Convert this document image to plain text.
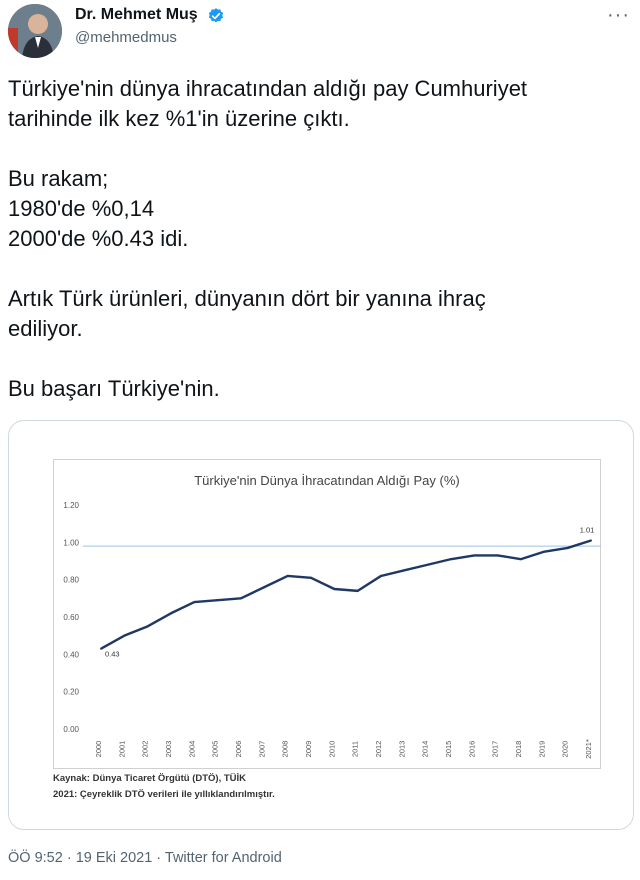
Dr. Mehmet Muş
@mehmedmus
···

Türkiye'nin dünya ihracatından aldığı pay Cumhuriyet

tarihinde ilk kez %1'in üzerine çıktı.

Bu rakam;

1980'de %0,14

2000'de %0.43 idi.

Artık Türk ürünleri, dünyanın dört bir yanına ihraç

ediliyor.

Bu başarı Türkiye'nin.

Türkiye'nin Dünya İhracatından Aldığı Pay (%)
0.00
0.20
0.40
0.60
0.80
1.00
1.20
2000 2001 2002 2003 2004 2005 2006 2007 2008 2009 2010 2011 2012 2013 2014 2015 2016 2017 2018 2019 2020 2021*
0.43
1.01
Kaynak: Dünya Ticaret Örgütü (DTÖ), TÜİK
2021: Çeyreklik DTÖ verileri ile yıllıklandırılmıştır.
ÖÖ 9:52 · 19 Eki 2021 · Twitter for Android
